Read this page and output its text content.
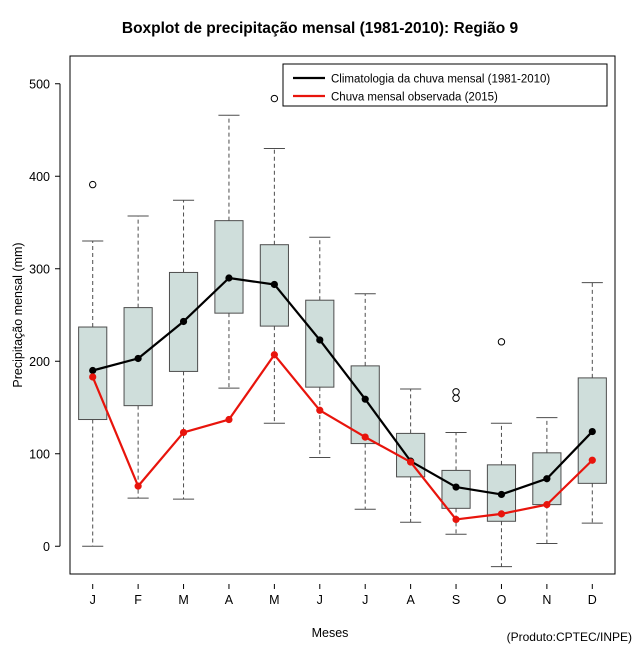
Boxplot de precipitação mensal (1981-2010): Região 9
Precipitação mensal (mm)
Meses	(Produto:CPTEC/INPE)
0
100
200
300
400
500
J	F	M	A	M	J	J	A	S	O	N	D
Climatologia da chuva mensal (1981-2010)
Chuva mensal observada (2015)
